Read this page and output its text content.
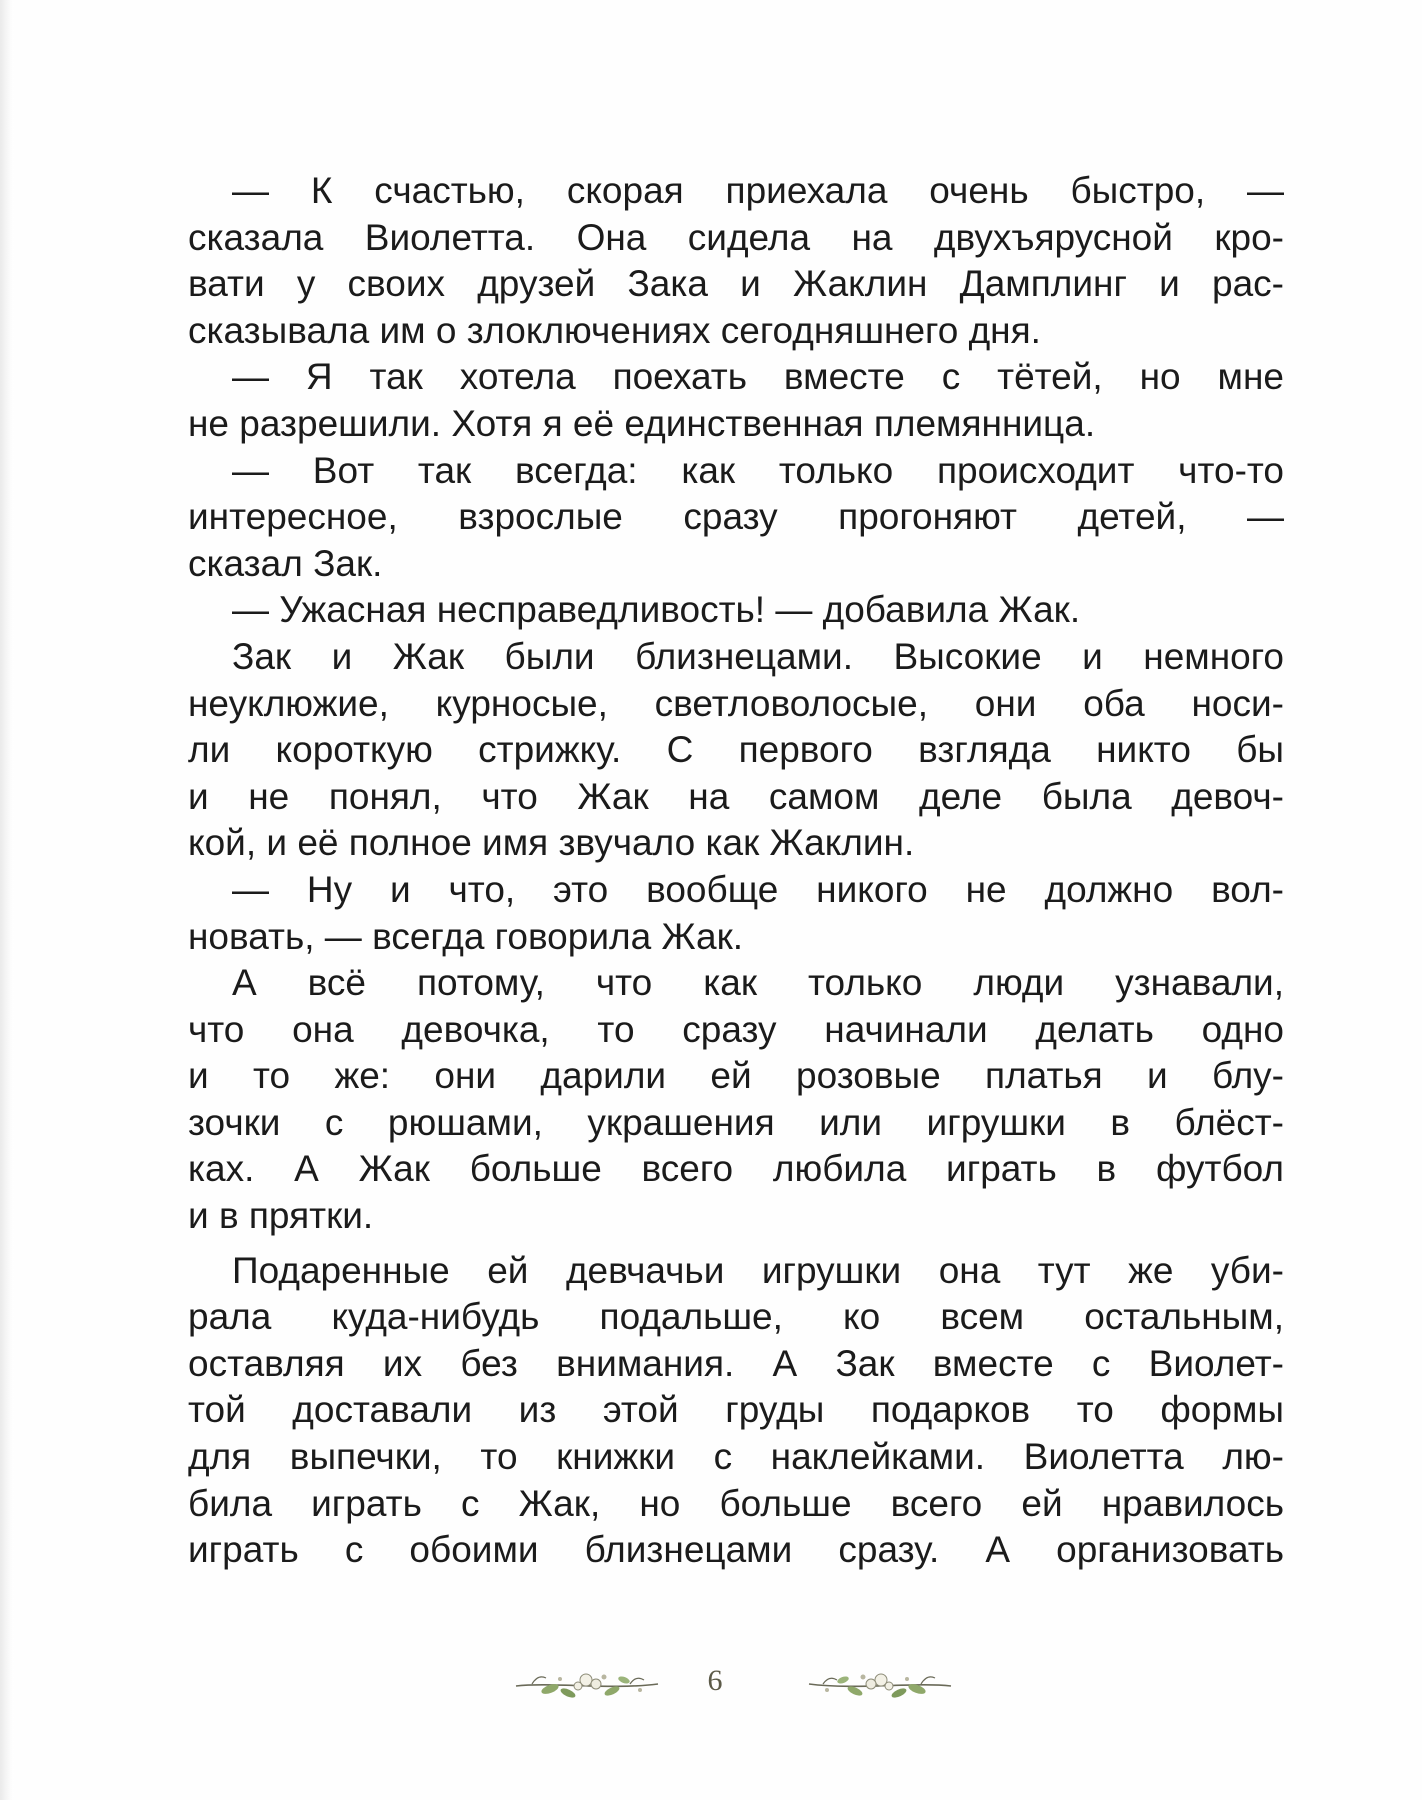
— К счастью, скорая приехала очень быстро, —
сказала Виолетта. Она сидела на двухъярусной кро-
вати у своих друзей Зака и Жаклин Дамплинг и рас-
сказывала им о злоключениях сегодняшнего дня.
— Я так хотела поехать вместе с тётей, но мне
не разрешили. Хотя я её единственная племянница.
— Вот так всегда: как только происходит что-то
интересное, взрослые сразу прогоняют детей, —
сказал Зак.
— Ужасная несправедливость! — добавила Жак.
Зак и Жак были близнецами. Высокие и немного
неуклюжие, курносые, светловолосые, они оба носи-
ли короткую стрижку. С первого взгляда никто бы
и не понял, что Жак на самом деле была девоч-
кой, и её полное имя звучало как Жаклин.
— Ну и что, это вообще никого не должно вол-
новать, — всегда говорила Жак.
А всё потому, что как только люди узнавали,
что она девочка, то сразу начинали делать одно
и то же: они дарили ей розовые платья и блу-
зочки с рюшами, украшения или игрушки в блёст-
ках. А Жак больше всего любила играть в футбол
и в прятки.
Подаренные ей девчачьи игрушки она тут же уби-
рала куда-нибудь подальше, ко всем остальным,
оставляя их без внимания. А Зак вместе с Виолет-
той доставали из этой груды подарков то формы
для выпечки, то книжки с наклейками. Виолетта лю-
била играть с Жак, но больше всего ей нравилось
играть с обоими близнецами сразу. А организовать
6
